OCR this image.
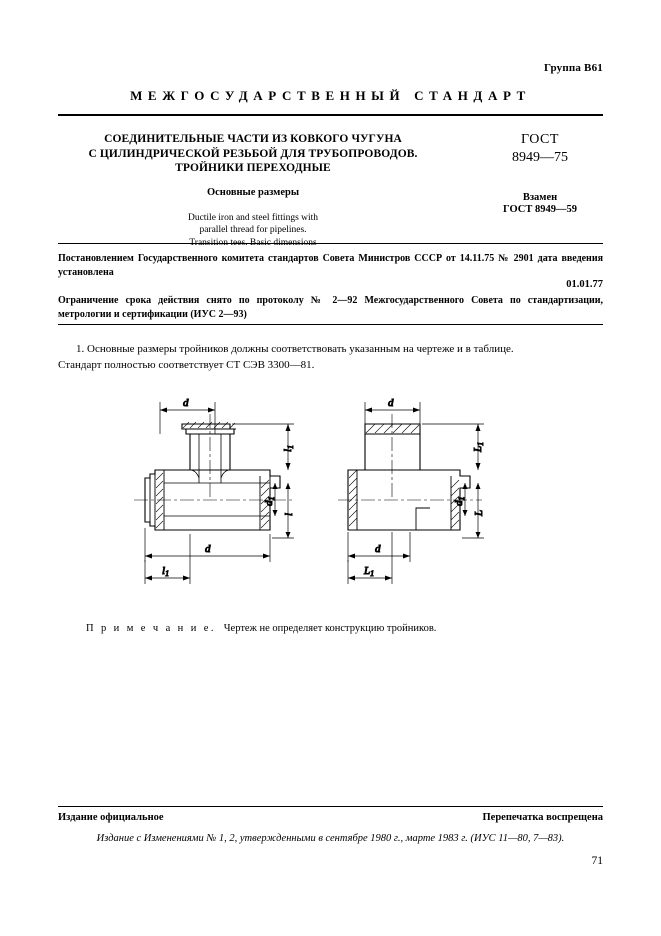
Группа В61
МЕЖГОСУДАРСТВЕННЫЙ СТАНДАРТ
СОЕДИНИТЕЛЬНЫЕ ЧАСТИ ИЗ КОВКОГО ЧУГУНА
С ЦИЛИНДРИЧЕСКОЙ РЕЗЬБОЙ ДЛЯ ТРУБОПРОВОДОВ.
ТРОЙНИКИ ПЕРЕХОДНЫЕ
Основные размеры
Ductile iron and steel fittings with
parallel thread for pipelines.
ГОСТ
8949—75
Взамен
ГОСТ 8949—59
Постановлением Государственного комитета стандартов Совета Министров СССР от 14.11.75 № 2901 дата введения установлена
01.01.77
Ограничение срока действия снято по протоколу № 2—92 Межгосударственного Совета по стандартизации, метрологии и сертификации (ИУС 2—93)
1. Основные размеры тройников должны соответствовать указанным на чертеже и в таблице.
Стандарт полностью соответствует СТ СЭВ 3300—81.
d
l1
d1
l
d
l1
d
L1
d1
L
d
L1
П р и м е ч а н и е. Чертеж не определяет конструкцию тройников.
Издание официальное	Перепечатка воспрещена
Издание с Изменениями № 1, 2, утвержденными в сентябре 1980 г., марте 1983 г. (ИУС 11—80, 7—83).
71
